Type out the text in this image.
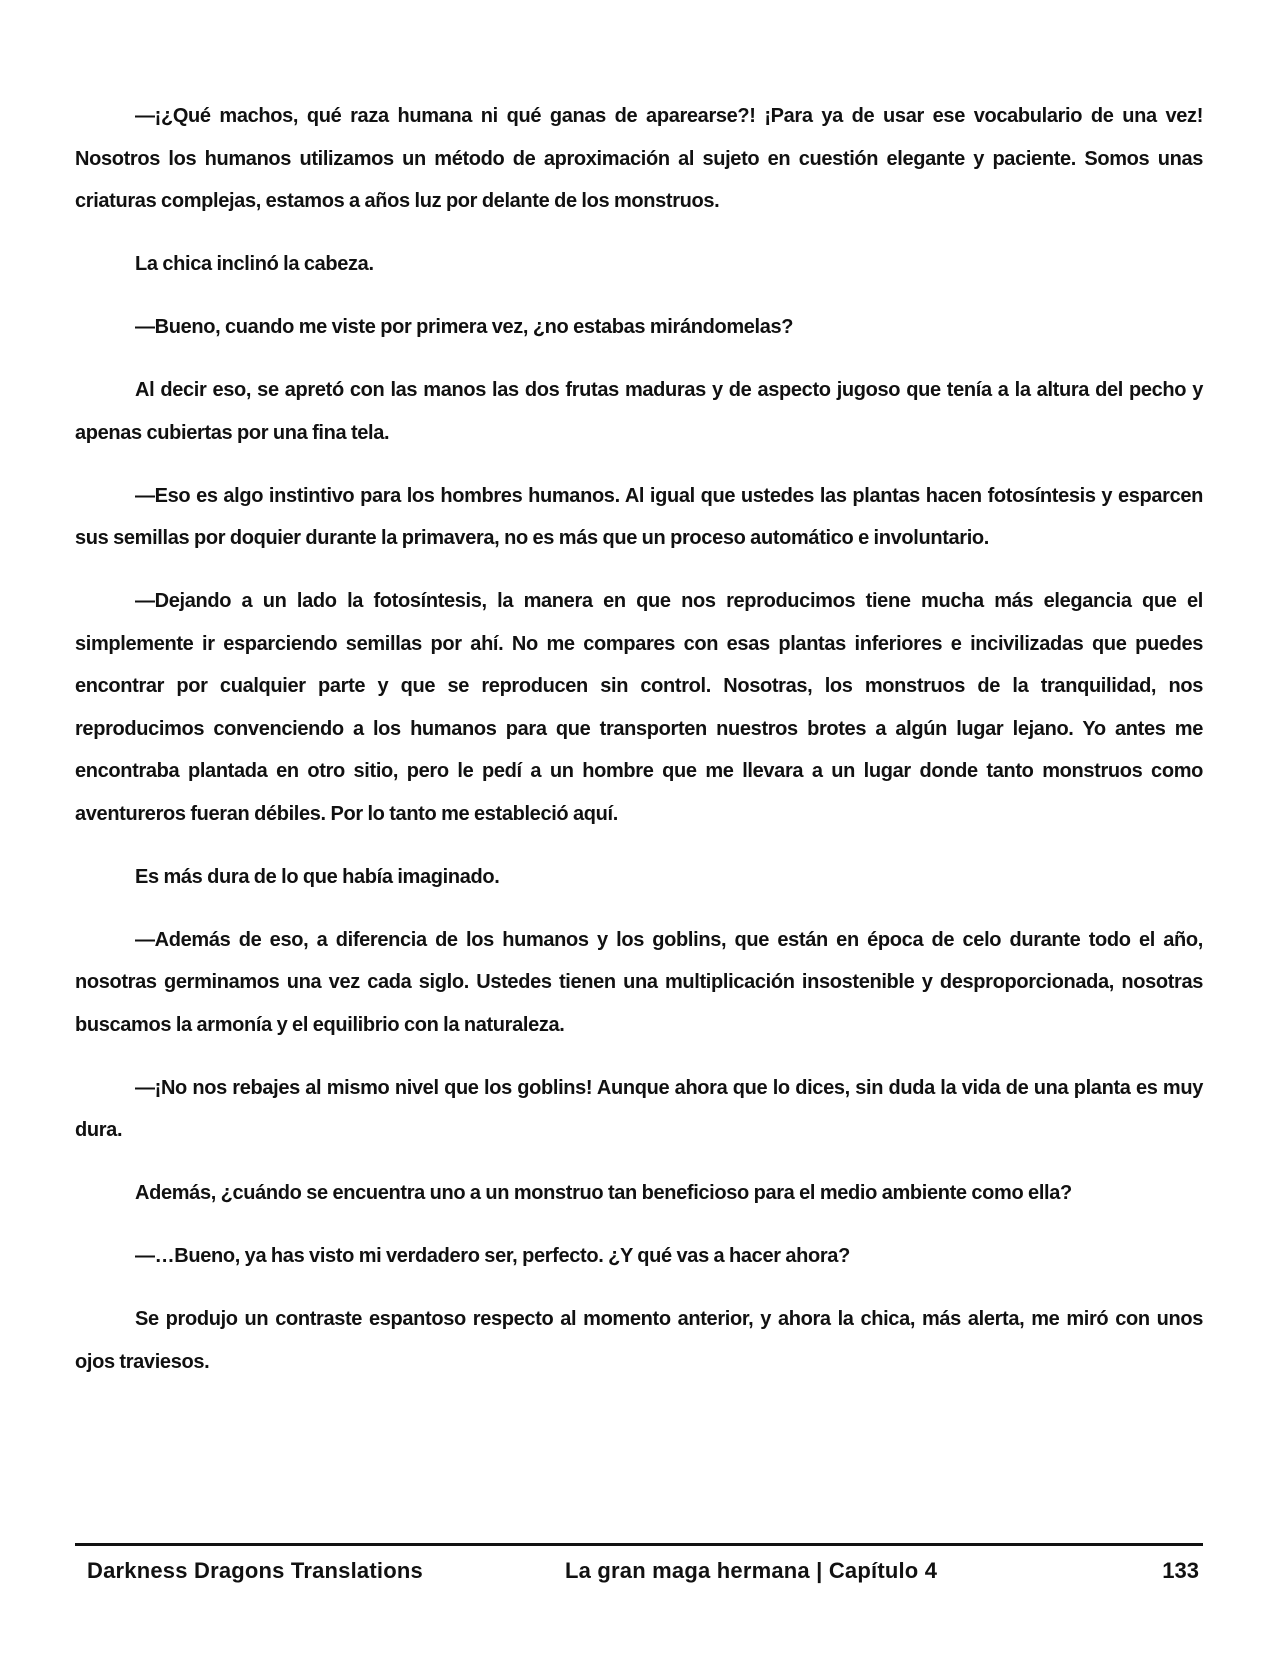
—¡¿Qué machos, qué raza humana ni qué ganas de aparearse?! ¡Para ya de usar ese vocabulario de una vez! Nosotros los humanos utilizamos un método de aproximación al sujeto en cuestión elegante y paciente. Somos unas criaturas complejas, estamos a años luz por delante de los monstruos.

La chica inclinó la cabeza.

—Bueno, cuando me viste por primera vez, ¿no estabas mirándomelas?

Al decir eso, se apretó con las manos las dos frutas maduras y de aspecto jugoso que tenía a la altura del pecho y apenas cubiertas por una fina tela.

—Eso es algo instintivo para los hombres humanos. Al igual que ustedes las plantas hacen fotosíntesis y esparcen sus semillas por doquier durante la primavera, no es más que un proceso automático e involuntario.

—Dejando a un lado la fotosíntesis, la manera en que nos reproducimos tiene mucha más elegancia que el simplemente ir esparciendo semillas por ahí. No me compares con esas plantas inferiores e incivilizadas que puedes encontrar por cualquier parte y que se reproducen sin control. Nosotras, los monstruos de la tranquilidad, nos reproducimos convenciendo a los humanos para que transporten nuestros brotes a algún lugar lejano. Yo antes me encontraba plantada en otro sitio, pero le pedí a un hombre que me llevara a un lugar donde tanto monstruos como aventureros fueran débiles. Por lo tanto me estableció aquí.

Es más dura de lo que había imaginado.

—Además de eso, a diferencia de los humanos y los goblins, que están en época de celo durante todo el año, nosotras germinamos una vez cada siglo. Ustedes tienen una multiplicación insostenible y desproporcionada, nosotras buscamos la armonía y el equilibrio con la naturaleza.

—¡No nos rebajes al mismo nivel que los goblins! Aunque ahora que lo dices, sin duda la vida de una planta es muy dura.

Además, ¿cuándo se encuentra uno a un monstruo tan beneficioso para el medio ambiente como ella?

—…Bueno, ya has visto mi verdadero ser, perfecto. ¿Y qué vas a hacer ahora?

Se produjo un contraste espantoso respecto al momento anterior, y ahora la chica, más alerta, me miró con unos ojos traviesos.

Darkness Dragons Translations	La gran maga hermana | Capítulo 4	133
